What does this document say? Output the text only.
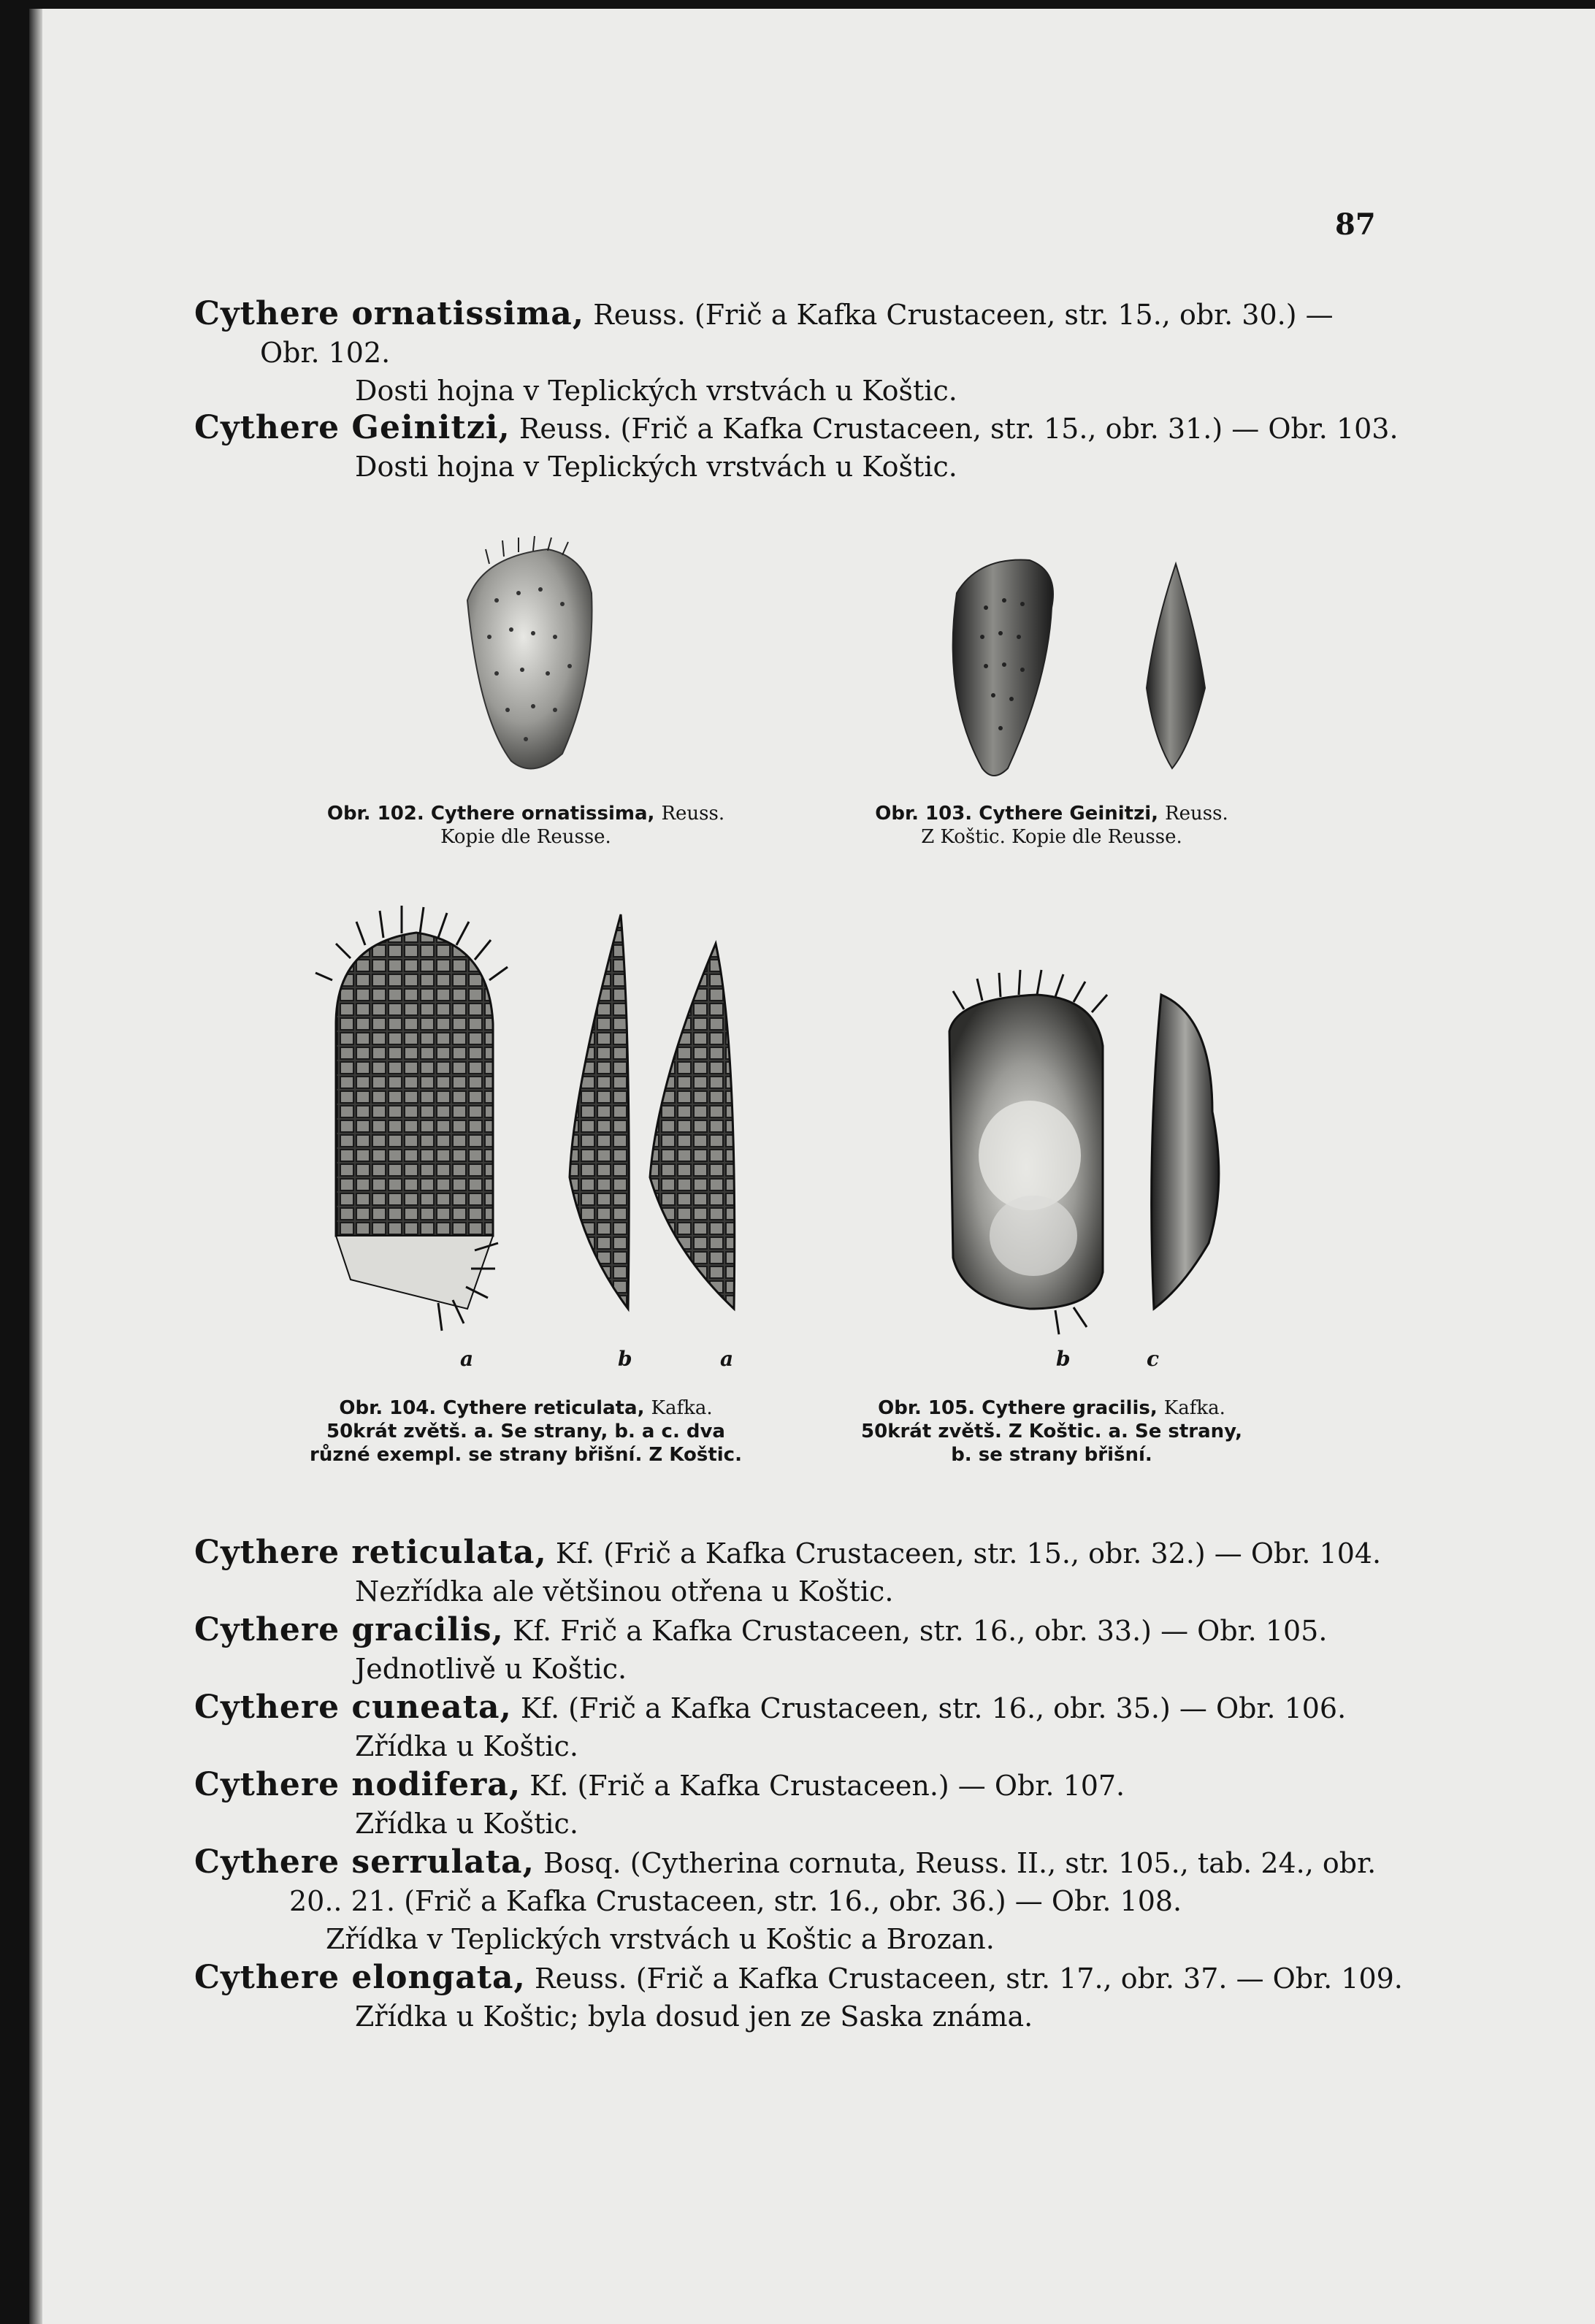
87
Cythere ornatissima, Reuss. (Frič a Kafka Crustaceen, str. 15., obr. 30.) —
Obr. 102.
Dosti hojna v Teplických vrstvách u Koštic.
Cythere Geinitzi, Reuss. (Frič a Kafka Crustaceen, str. 15., obr. 31.) — Obr. 103.
Dosti hojna v Teplických vrstvách u Koštic.
Obr. 102. Cythere ornatissima, Reuss.
Kopie dle Reusse.
Obr. 103. Cythere Geinitzi, Reuss.
Z Koštic. Kopie dle Reusse.
a	b	a
Obr. 104. Cythere reticulata, Kafka.
50krát zvětš. a. Se strany, b. a c. dva
různé exempl. se strany břišní. Z Koštic.
b	c
Obr. 105. Cythere gracilis, Kafka.
50krát zvětš. Z Koštic. a. Se strany,
b. se strany břišní.
Cythere reticulata, Kf. (Frič a Kafka Crustaceen, str. 15., obr. 32.) — Obr. 104.
Nezřídka ale většinou otřena u Koštic.
Cythere gracilis, Kf. Frič a Kafka Crustaceen, str. 16., obr. 33.) — Obr. 105.
Jednotlivě u Koštic.
Cythere cuneata, Kf. (Frič a Kafka Crustaceen, str. 16., obr. 35.) — Obr. 106.
Zřídka u Koštic.
Cythere nodifera, Kf. (Frič a Kafka Crustaceen.) — Obr. 107.
Zřídka u Koštic.
Cythere serrulata, Bosq. (Cytherina cornuta, Reuss. II., str. 105., tab. 24., obr.
20.. 21. (Frič a Kafka Crustaceen, str. 16., obr. 36.) — Obr. 108.
Zřídka v Teplických vrstvách u Koštic a Brozan.
Cythere elongata, Reuss. (Frič a Kafka Crustaceen, str. 17., obr. 37. — Obr. 109.
Zřídka u Koštic; byla dosud jen ze Saska známa.
